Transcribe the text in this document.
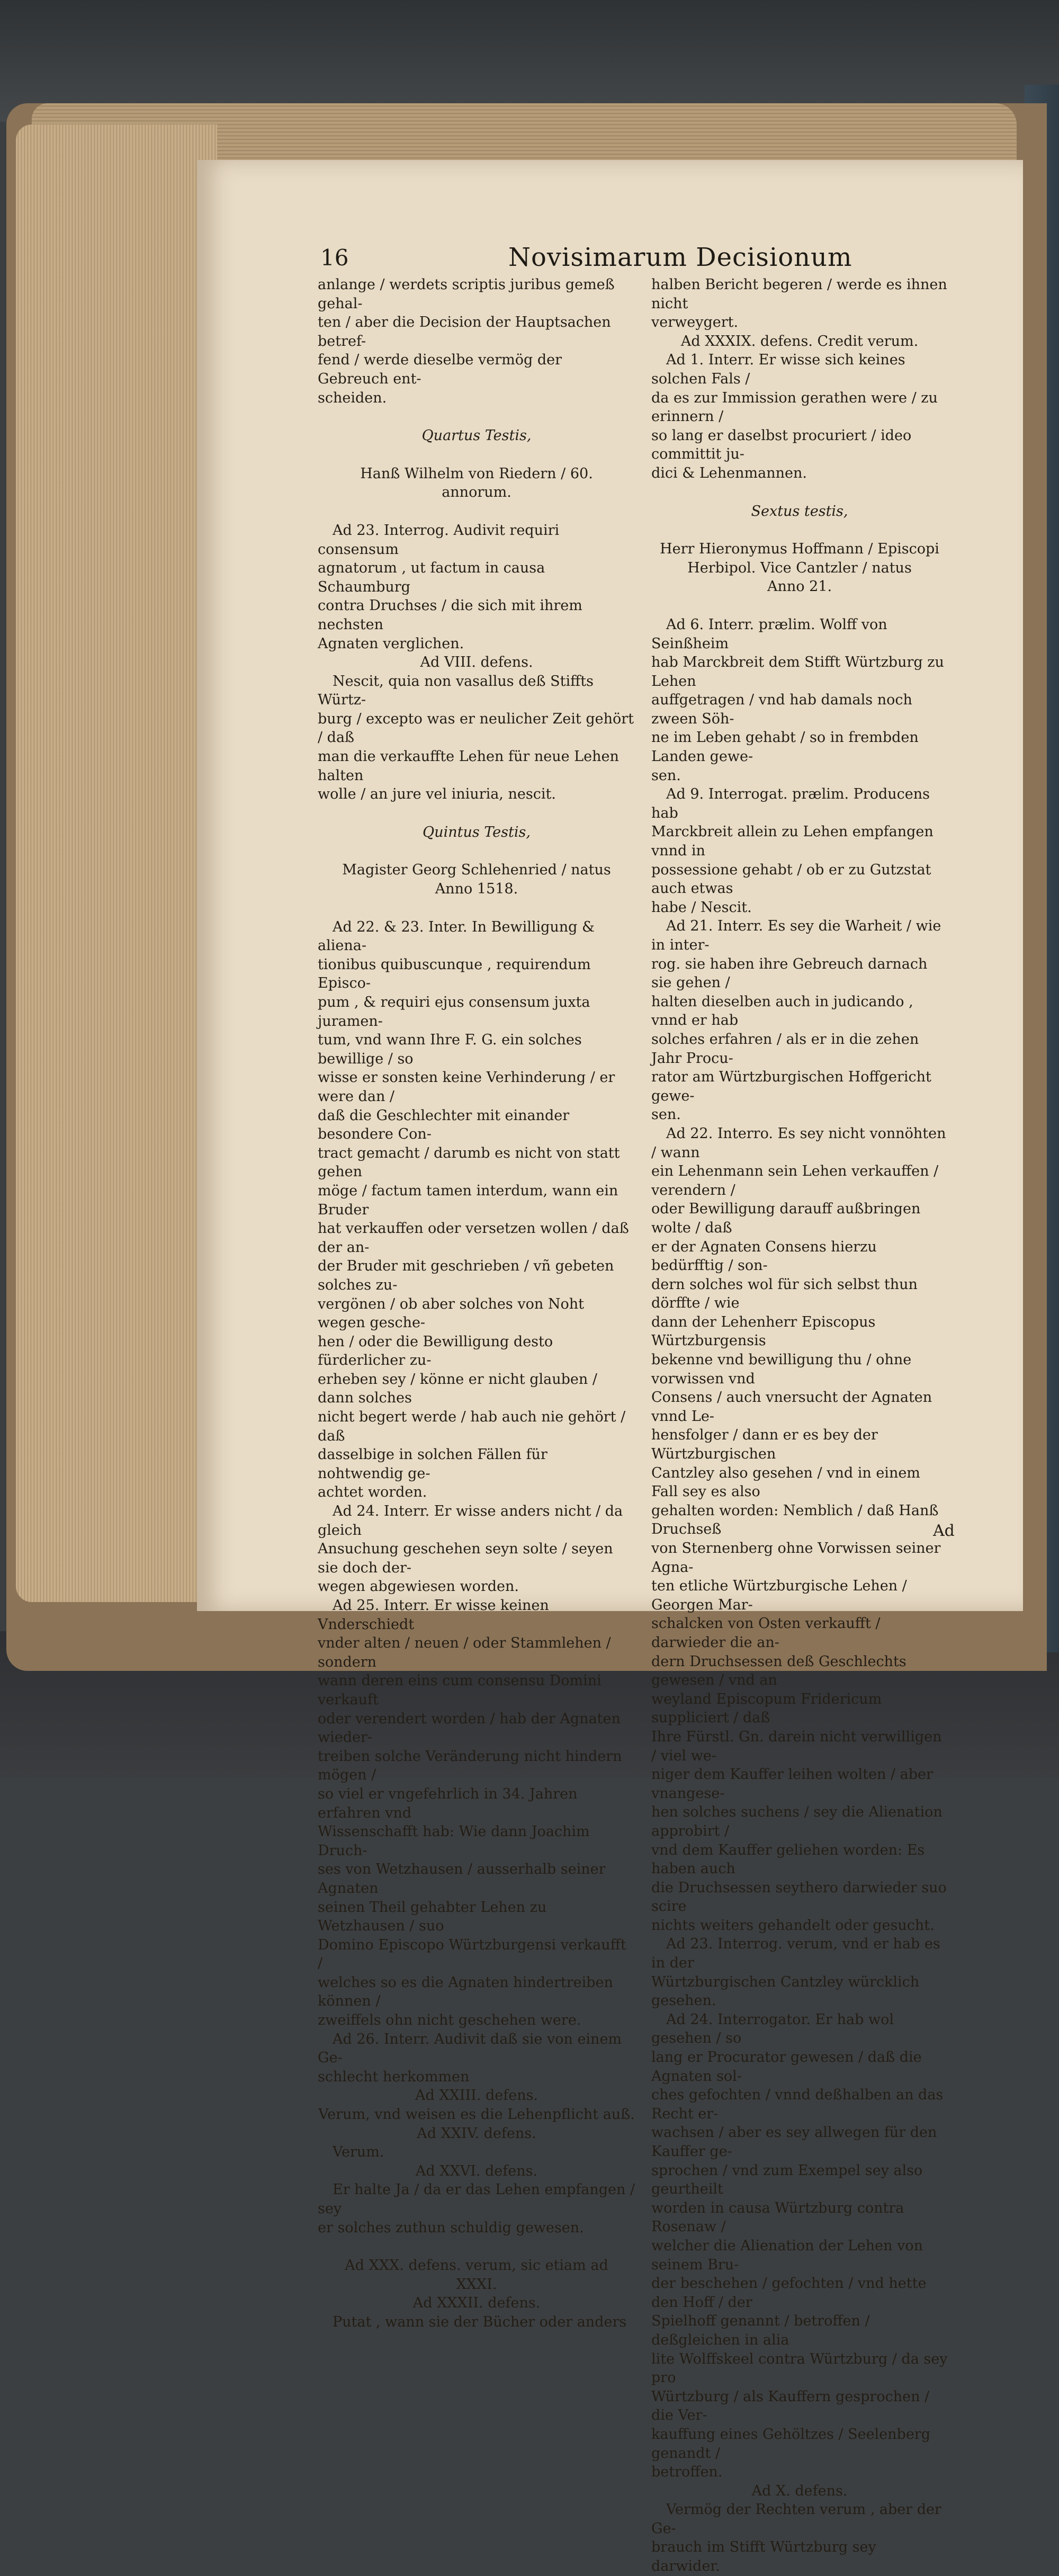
16	Novisimarum Decisionum

anlange / werdets scriptis juribus gemeß gehal-

ten / aber die Decision der Hauptsachen betref-

fend / werde dieselbe vermög der Gebreuch ent-

scheiden.

Quartus Testis,

Hanß Wilhelm von Riedern / 60.

annorum.

Ad 23. Interrog. Audivit requiri consensum

agnatorum , ut factum in causa Schaumburg

contra Druchses / die sich mit ihrem nechsten

Agnaten verglichen.

Ad VIII. defens.

Nescit, quia non vasallus deß Stiffts Würtz-

burg / excepto was er neulicher Zeit gehört / daß

man die verkauffte Lehen für neue Lehen halten

wolle / an jure vel iniuria, nescit.

Quintus Testis,

Magister Georg Schlehenried / natus

Anno 1518.

Ad 22. & 23. Inter. In Bewilligung & aliena-

tionibus quibuscunque , requirendum Episco-

pum , & requiri ejus consensum juxta juramen-

tum, vnd wann Ihre F. G. ein solches bewillige / so

wisse er sonsten keine Verhinderung / er were dan /

daß die Geschlechter mit einander besondere Con-

tract gemacht / darumb es nicht von statt gehen

möge / factum tamen interdum, wann ein Bruder

hat verkauffen oder versetzen wollen / daß der an-

der Bruder mit geschrieben / vñ gebeten solches zu-

vergönen / ob aber solches von Noht wegen gesche-

hen / oder die Bewilligung desto fürderlicher zu-

erheben sey / könne er nicht glauben / dann solches

nicht begert werde / hab auch nie gehört / daß

dasselbige in solchen Fällen für nohtwendig ge-

achtet worden.

Ad 24. Interr. Er wisse anders nicht / da gleich

Ansuchung geschehen seyn solte / seyen sie doch der-

wegen abgewiesen worden.

Ad 25. Interr. Er wisse keinen Vnderschiedt

vnder alten / neuen / oder Stammlehen / sondern

wann deren eins cum consensu Domini verkauft

oder verendert worden / hab der Agnaten wieder-

treiben solche Veränderung nicht hindern mögen /

so viel er vngefehrlich in 34. Jahren erfahren vnd

Wissenschafft hab: Wie dann Joachim Druch-

ses von Wetzhausen / ausserhalb seiner Agnaten

seinen Theil gehabter Lehen zu Wetzhausen / suo

Domino Episcopo Würtzburgensi verkaufft /

welches so es die Agnaten hindertreiben können /

zweiffels ohn nicht geschehen were.

Ad 26. Interr. Audivit daß sie von einem Ge-

schlecht herkommen

Ad XXIII. defens.

Verum, vnd weisen es die Lehenpflicht auß.

Ad XXIV. defens.

Verum.

Ad XXVI. defens.

Er halte Ja / da er das Lehen empfangen / sey

er solches zuthun schuldig gewesen.

Ad XXX. defens. verum, sic etiam ad

XXXI.

Ad XXXII. defens.

Putat , wann sie der Bücher oder anders

halben Bericht begeren / werde es ihnen nicht

verweygert.

Ad XXXIX. defens. Credit verum.

Ad 1. Interr. Er wisse sich keines solchen Fals /

da es zur Immission gerathen were / zu erinnern /

so lang er daselbst procuriert / ideo committit ju-

dici & Lehenmannen.

Sextus testis,

Herr Hieronymus Hoffmann / Episcopi

Herbipol. Vice Cantzler / natus

Anno 21.

Ad 6. Interr. prælim. Wolff von Seinßheim

hab Marckbreit dem Stifft Würtzburg zu Lehen

auffgetragen / vnd hab damals noch zween Söh-

ne im Leben gehabt / so in frembden Landen gewe-

sen.

Ad 9. Interrogat. prælim. Producens hab

Marckbreit allein zu Lehen empfangen vnnd in

possessione gehabt / ob er zu Gutzstat auch etwas

habe / Nescit.

Ad 21. Interr. Es sey die Warheit / wie in inter-

rog. sie haben ihre Gebreuch darnach sie gehen /

halten dieselben auch in judicando , vnnd er hab

solches erfahren / als er in die zehen Jahr Procu-

rator am Würtzburgischen Hoffgericht gewe-

sen.

Ad 22. Interro. Es sey nicht vonnöhten / wann

ein Lehenmann sein Lehen verkauffen / verendern /

oder Bewilligung darauff außbringen wolte / daß

er der Agnaten Consens hierzu bedürfftig / son-

dern solches wol für sich selbst thun dörffte / wie

dann der Lehenherr Episcopus Würtzburgensis

bekenne vnd bewilligung thu / ohne vorwissen vnd

Consens / auch vnersucht der Agnaten vnnd Le-

hensfolger / dann er es bey der Würtzburgischen

Cantzley also gesehen / vnd in einem Fall sey es also

gehalten worden: Nemblich / daß Hanß Druchseß

von Sternenberg ohne Vorwissen seiner Agna-

ten etliche Würtzburgische Lehen / Georgen Mar-

schalcken von Osten verkaufft / darwieder die an-

dern Druchsessen deß Geschlechts gewesen / vnd an

weyland Episcopum Fridericum suppliciert / daß

Ihre Fürstl. Gn. darein nicht verwilligen / viel we-

niger dem Kauffer leihen wolten / aber vnangese-

hen solches suchens / sey die Alienation approbirt /

vnd dem Kauffer geliehen worden: Es haben auch

die Druchsessen seythero darwieder suo scire

nichts weiters gehandelt oder gesucht.

Ad 23. Interrog. verum, vnd er hab es in der

Würtzburgischen Cantzley würcklich gesehen.

Ad 24. Interrogator. Er hab wol gesehen / so

lang er Procurator gewesen / daß die Agnaten sol-

ches gefochten / vnnd deßhalben an das Recht er-

wachsen / aber es sey allwegen für den Kauffer ge-

sprochen / vnd zum Exempel sey also geurtheilt

worden in causa Würtzburg contra Rosenaw /

welcher die Alienation der Lehen von seinem Bru-

der beschehen / gefochten / vnd hette den Hoff / der

Spielhoff genannt / betroffen / deßgleichen in alia

lite Wolffskeel contra Würtzburg / da sey pro

Würtzburg / als Kauffern gesprochen / die Ver-

kauffung eines Gehöltzes / Seelenberg genandt /

betroffen.

Ad X. defens.

Vermög der Rechten verum , aber der Ge-

brauch im Stifft Würtzburg sey darwider.

Ad
